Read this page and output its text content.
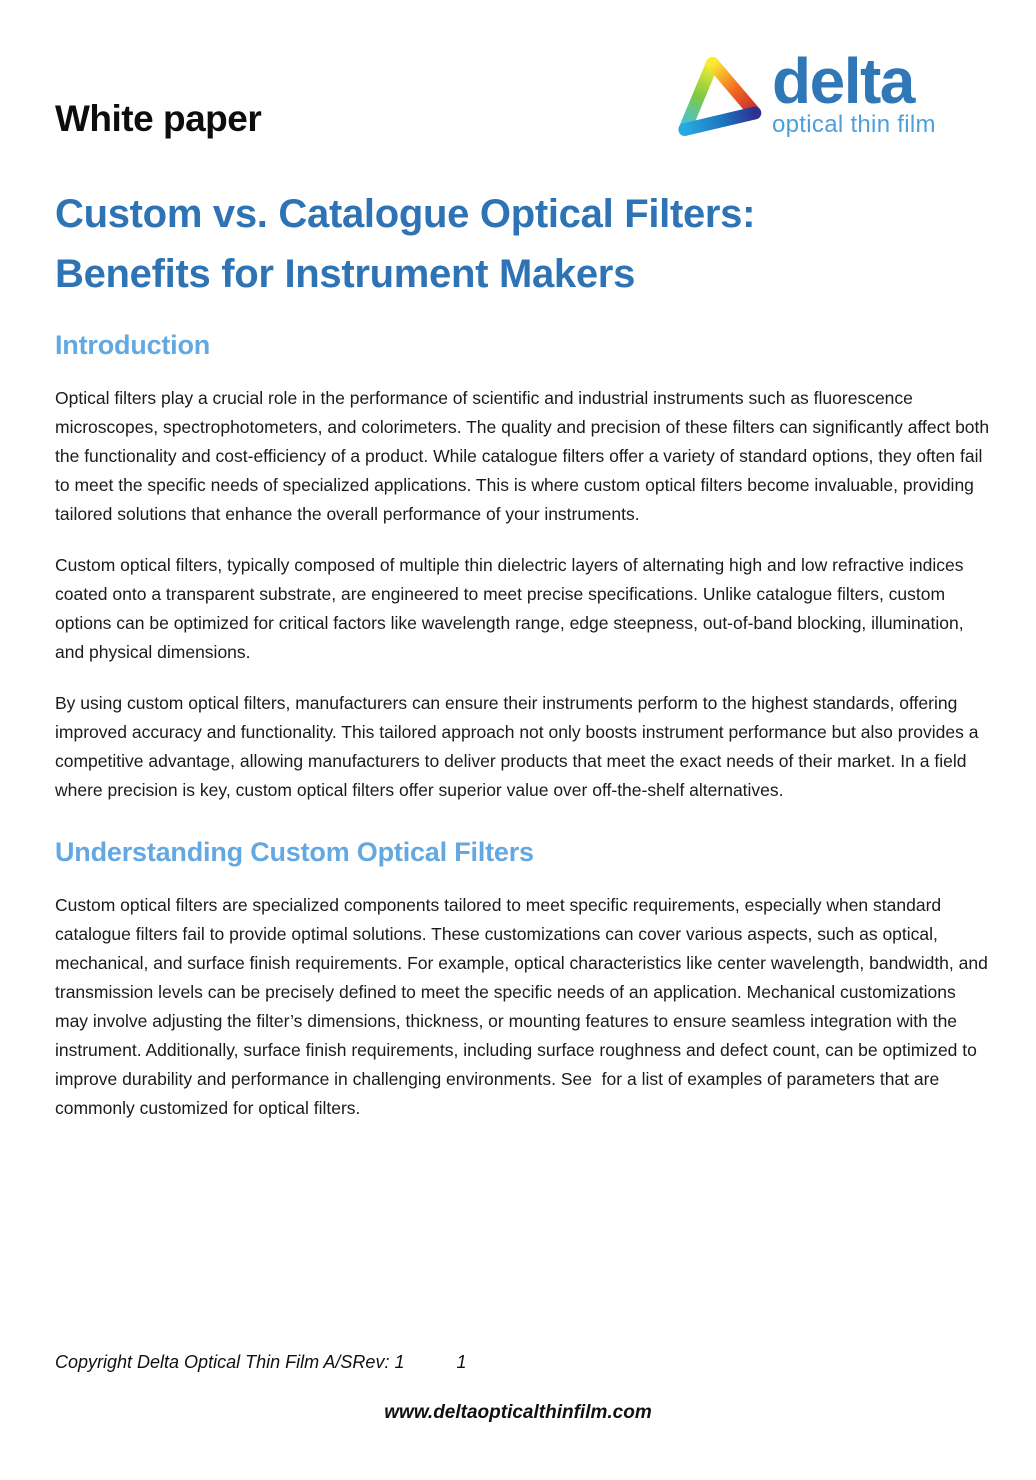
White paper
delta
optical thin film
Custom vs. Catalogue Optical Filters:
Benefits for Instrument Makers
Introduction

Optical filters play a crucial role in the performance of scientific and industrial instruments such as fluorescence microscopes, spectrophotometers, and colorimeters. The quality and precision of these filters can significantly affect both the functionality and cost-efficiency of a product. While catalogue filters offer a variety of standard options, they often fail to meet the specific needs of specialized applications. This is where custom optical filters become invaluable, providing tailored solutions that enhance the overall performance of your instruments.

Custom optical filters, typically composed of multiple thin dielectric layers of alternating high and low refractive indices coated onto a transparent substrate, are engineered to meet precise specifications. Unlike catalogue filters, custom options can be optimized for critical factors like wavelength range, edge steepness, out-of-band blocking, illumination, and physical dimensions.

By using custom optical filters, manufacturers can ensure their instruments perform to the highest standards, offering improved accuracy and functionality. This tailored approach not only boosts instrument performance but also provides a competitive advantage, allowing manufacturers to deliver products that meet the exact needs of their market. In a field where precision is key, custom optical filters offer superior value over off-the-shelf alternatives.

Understanding Custom Optical Filters

Custom optical filters are specialized components tailored to meet specific requirements, especially when standard catalogue filters fail to provide optimal solutions. These customizations can cover various aspects, such as optical, mechanical, and surface finish requirements. For example, optical characteristics like center wavelength, bandwidth, and transmission levels can be precisely defined to meet the specific needs of an application. Mechanical customizations may involve adjusting the filter’s dimensions, thickness, or mounting features to ensure seamless integration with the instrument. Additionally, surface finish requirements, including surface roughness and defect count, can be optimized to improve durability and performance in challenging environments. See  for a list of examples of parameters that are commonly customized for optical filters.

Copyright Delta Optical Thin Film A/SRev: 1	1
www.deltaopticalthinfilm.com
